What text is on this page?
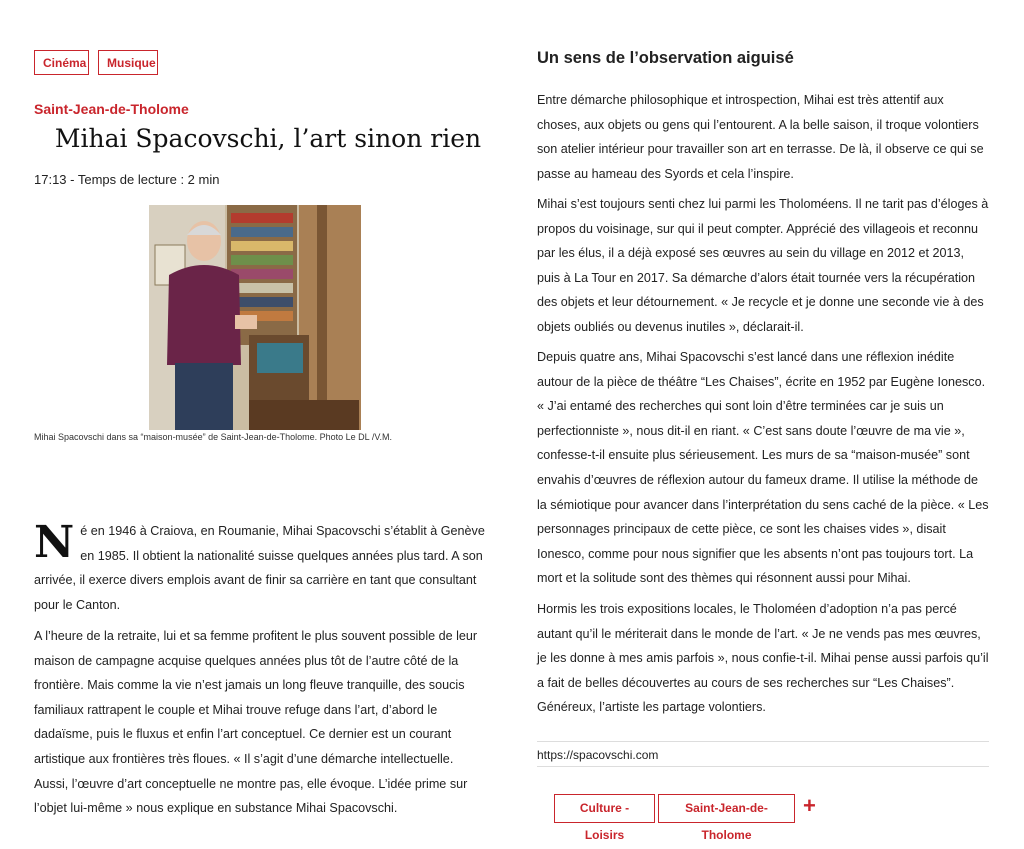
Cinéma	Musique
Saint-Jean-de-Tholome
Mihai Spacovschi, l’art sinon rien
17:13 - Temps de lecture : 2 min
Mihai Spacovschi dans sa “maison-musée” de Saint-Jean-de-Tholome. Photo Le DL /V.M.

Né en 1946 à Craiova, en Roumanie, Mihai Spacovschi s’établit à Genève en 1985. Il obtient la nationalité suisse quelques années plus tard. A son arrivée, il exerce divers emplois avant de finir sa carrière en tant que consultant pour le Canton.

A l’heure de la retraite, lui et sa femme profitent le plus souvent possible de leur maison de campagne acquise quelques années plus tôt de l’autre côté de la frontière. Mais comme la vie n’est jamais un long fleuve tranquille, des soucis familiaux rattrapent le couple et Mihai trouve refuge dans l’art, d’abord le dadaïsme, puis le fluxus et enfin l’art conceptuel. Ce dernier est un courant artistique aux frontières très floues. « Il s’agit d’une démarche intellectuelle. Aussi, l’œuvre d’art conceptuelle ne montre pas, elle évoque. L’idée prime sur l’objet lui-même » nous explique en substance Mihai Spacovschi.

Un sens de l’observation aiguisé

Entre démarche philosophique et introspection, Mihai est très attentif aux choses, aux objets ou gens qui l’entourent. A la belle saison, il troque volontiers son atelier intérieur pour travailler son art en terrasse. De là, il observe ce qui se passe au hameau des Syords et cela l’inspire.

Mihai s’est toujours senti chez lui parmi les Tholoméens. Il ne tarit pas d’éloges à propos du voisinage, sur qui il peut compter. Apprécié des villageois et reconnu par les élus, il a déjà exposé ses œuvres au sein du village en 2012 et 2013, puis à La Tour en 2017. Sa démarche d’alors était tournée vers la récupération des objets et leur détournement. « Je recycle et je donne une seconde vie à des objets oubliés ou devenus inutiles », déclarait-il.

Depuis quatre ans, Mihai Spacovschi s’est lancé dans une réflexion inédite autour de la pièce de théâtre “Les Chaises”, écrite en 1952 par Eugène Ionesco. « J’ai entamé des recherches qui sont loin d’être terminées car je suis un perfectionniste », nous dit-il en riant. « C’est sans doute l’œuvre de ma vie », confesse-t-il ensuite plus sérieusement. Les murs de sa “maison-musée” sont envahis d’œuvres de réflexion autour du fameux drame. Il utilise la méthode de la sémiotique pour avancer dans l’interprétation du sens caché de la pièce. « Les personnages principaux de cette pièce, ce sont les chaises vides », disait Ionesco, comme pour nous signifier que les absents n’ont pas toujours tort. La mort et la solitude sont des thèmes qui résonnent aussi pour Mihai.

Hormis les trois expositions locales, le Tholoméen d’adoption n’a pas percé autant qu’il le mériterait dans le monde de l’art. « Je ne vends pas mes œuvres, je les donne à mes amis parfois », nous confie-t-il. Mihai pense aussi parfois qu’il a fait de belles découvertes au cours de ses recherches sur “Les Chaises”. Généreux, l’artiste les partage volontiers.

https://spacovschi.com
Culture - Loisirs
Saint-Jean-de-Tholome
+
